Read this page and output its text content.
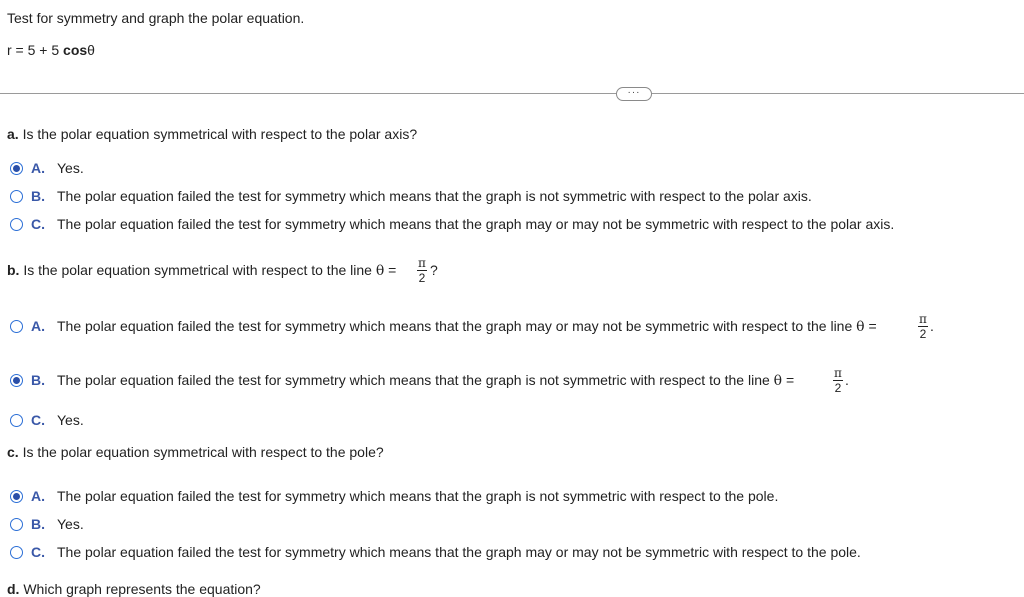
Test for symmetry and graph the polar equation.
r = 5 + 5 cosθ
···
a. Is the polar equation symmetrical with respect to the polar axis?
A. Yes.
B. The polar equation failed the test for symmetry which means that the graph is not symmetric with respect to the polar axis.
C. The polar equation failed the test for symmetry which means that the graph may or may not be symmetric with respect to the polar axis.
b. Is the polar equation symmetrical with respect to the line θ = π
2 ?
A. The polar equation failed the test for symmetry which means that the graph may or may not be symmetric with respect to the line θ =	π
2 .
B. The polar equation failed the test for symmetry which means that the graph is not symmetric with respect to the line θ =	π
2 .
C. Yes.
c. Is the polar equation symmetrical with respect to the pole?
A. The polar equation failed the test for symmetry which means that the graph is not symmetric with respect to the pole.
B. Yes.
C. The polar equation failed the test for symmetry which means that the graph may or may not be symmetric with respect to the pole.
d. Which graph represents the equation?
